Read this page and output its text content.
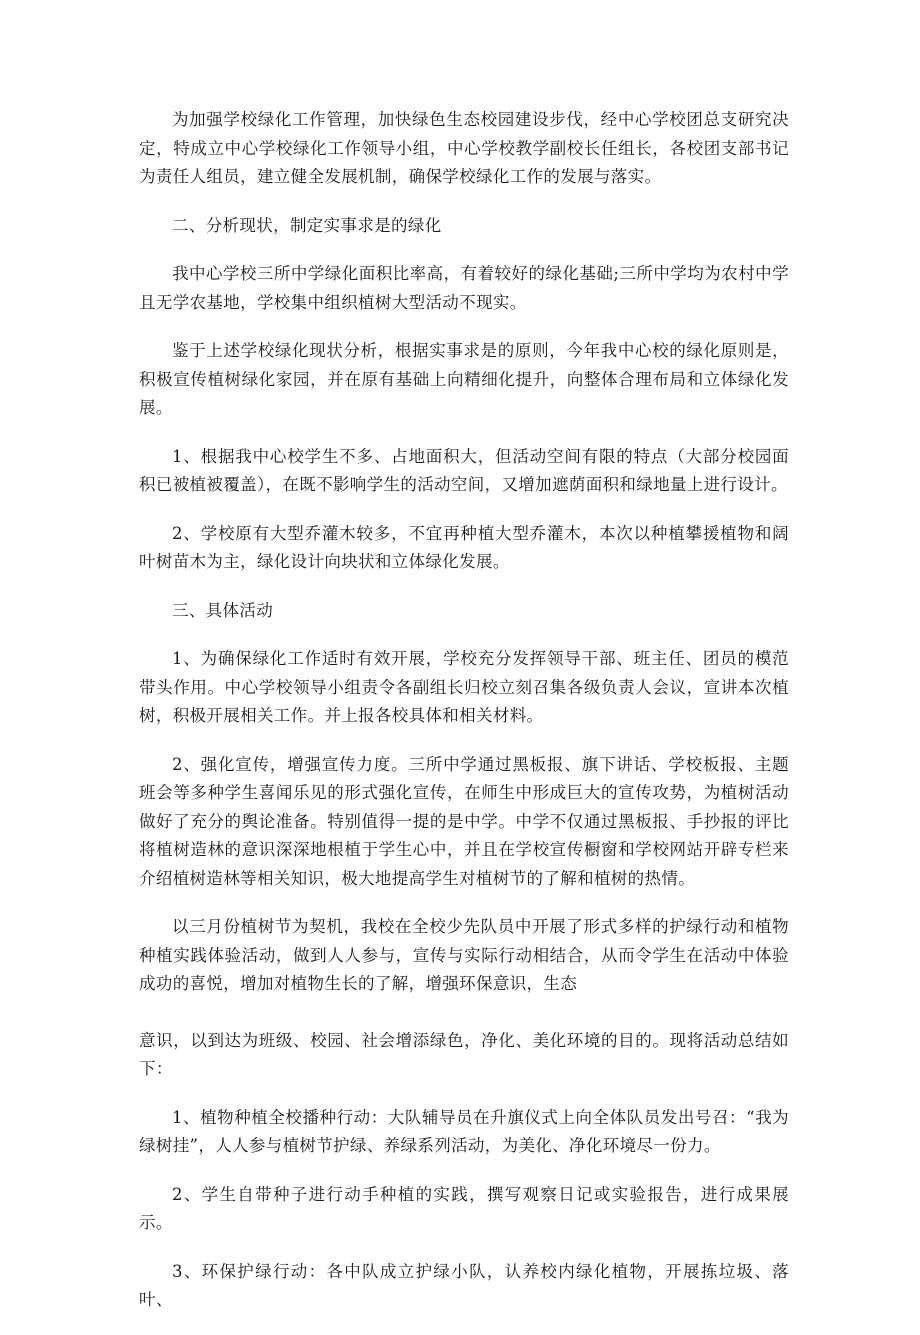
为加强学校绿化工作管理，加快绿色生态校园建设步伐，经中心学校团总支研究决定，特成立中心学校绿化工作领导小组，中心学校教学副校长任组长，各校团支部书记为责任人组员，建立健全发展机制，确保学校绿化工作的发展与落实。

二、分析现状，制定实事求是的绿化

我中心学校三所中学绿化面积比率高，有着较好的绿化基础;三所中学均为农村中学且无学农基地，学校集中组织植树大型活动不现实。

鉴于上述学校绿化现状分析，根据实事求是的原则，今年我中心校的绿化原则是，积极宣传植树绿化家园，并在原有基础上向精细化提升，向整体合理布局和立体绿化发展。

1、根据我中心校学生不多、占地面积大，但活动空间有限的特点（大部分校园面积已被植被覆盖），在既不影响学生的活动空间，又增加遮荫面积和绿地量上进行设计。

2、学校原有大型乔灌木较多，不宜再种植大型乔灌木，本次以种植攀援植物和阔叶树苗木为主，绿化设计向块状和立体绿化发展。

三、具体活动

1、为确保绿化工作适时有效开展，学校充分发挥领导干部、班主任、团员的模范带头作用。中心学校领导小组责令各副组长归校立刻召集各级负责人会议，宣讲本次植树，积极开展相关工作。并上报各校具体和相关材料。

2、强化宣传，增强宣传力度。三所中学通过黑板报、旗下讲话、学校板报、主题班会等多种学生喜闻乐见的形式强化宣传，在师生中形成巨大的宣传攻势，为植树活动做好了充分的舆论准备。特别值得一提的是中学。中学不仅通过黑板报、手抄报的评比将植树造林的意识深深地根植于学生心中，并且在学校宣传橱窗和学校网站开辟专栏来介绍植树造林等相关知识，极大地提高学生对植树节的了解和植树的热情。

以三月份植树节为契机，我校在全校少先队员中开展了形式多样的护绿行动和植物种植实践体验活动，做到人人参与，宣传与实际行动相结合，从而令学生在活动中体验成功的喜悦，增加对植物生长的了解，增强环保意识，生态

意识，以到达为班级、校园、社会增添绿色，净化、美化环境的目的。现将活动总结如下：

1、植物种植全校播种行动：大队辅导员在升旗仪式上向全体队员发出号召：“我为绿树挂”，人人参与植树节护绿、养绿系列活动，为美化、净化环境尽一份力。

2、学生自带种子进行动手种植的实践，撰写观察日记或实验报告，进行成果展示。

3、环保护绿行动：各中队成立护绿小队，认养校内绿化植物，开展拣垃圾、落叶、
